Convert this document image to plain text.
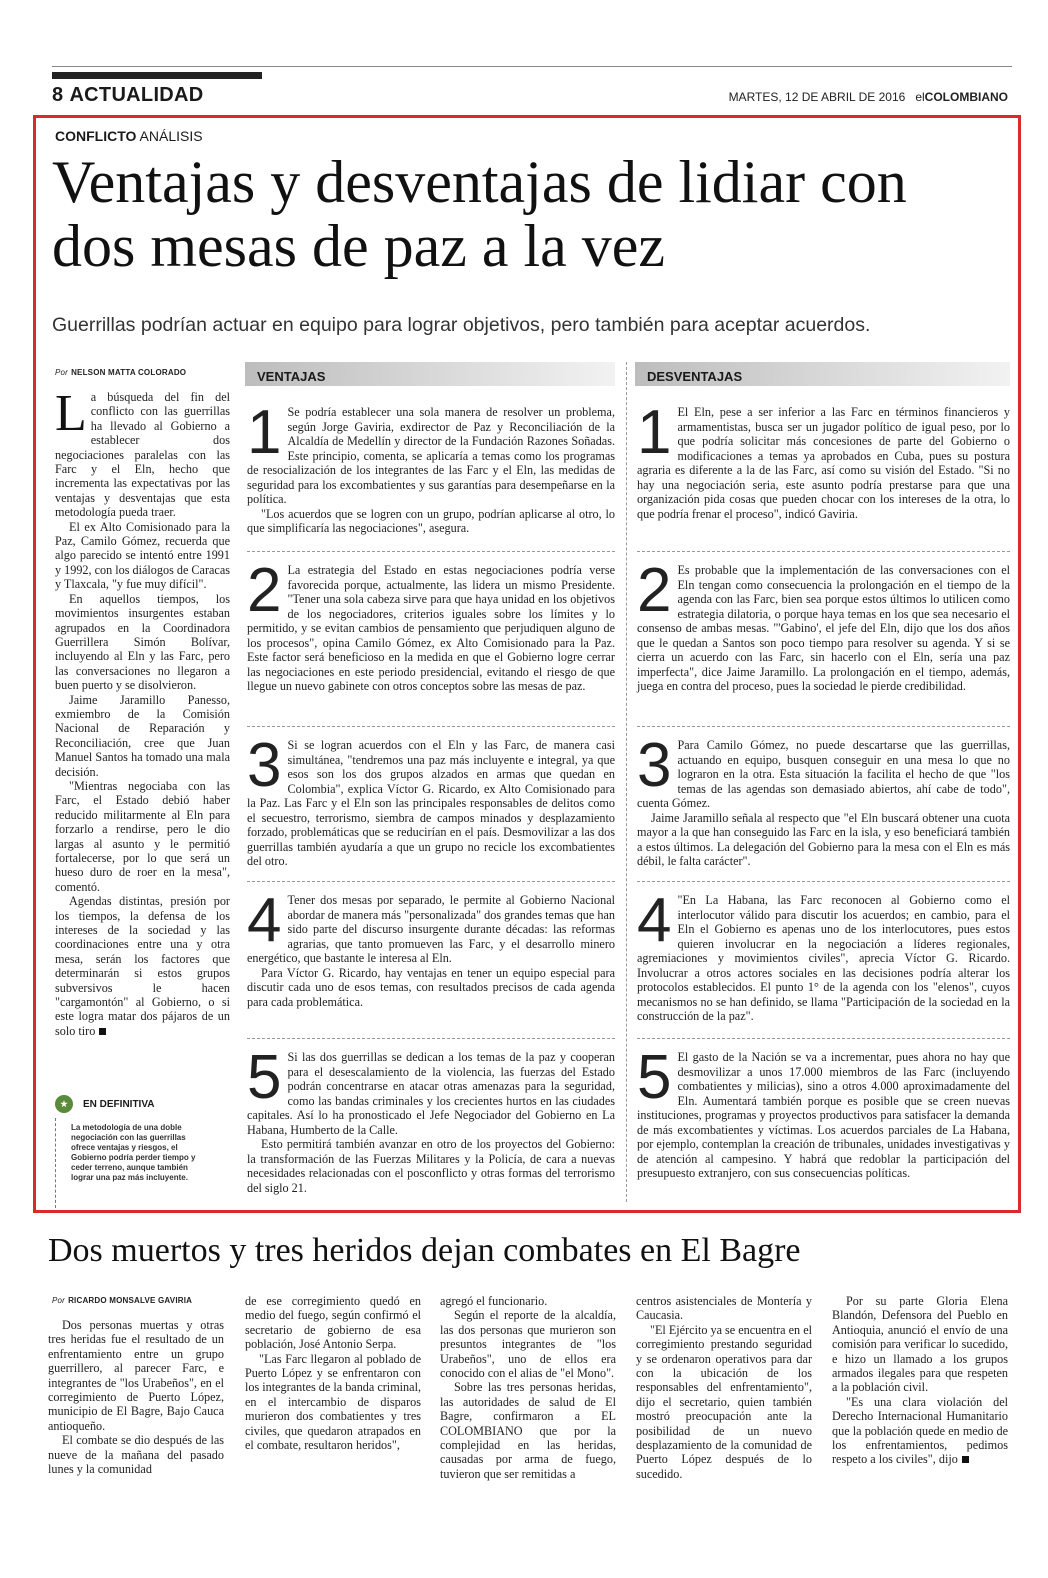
8 ACTUALIDAD	MARTES, 12 DE ABRIL DE 2016 elCOLOMBIANO
CONFLICTO ANÁLISIS
Ventajas y desventajas de lidiar con dos mesas de paz a la vez
Guerrillas podrían actuar en equipo para lograr objetivos, pero también para aceptar acuerdos.
Por NELSON MATTA COLORADO
L a búsqueda del fin del conflicto con las guerrillas ha llevado al Gobierno a establecer dos negociaciones paralelas con las Farc y el Eln, hecho que incrementa las expectativas por las ventajas y desventajas que esta metodología pueda traer.

El ex Alto Comisionado para la Paz, Camilo Gómez, recuerda que algo parecido se intentó entre 1991 y 1992, con los diálogos de Caracas y Tlaxcala, "y fue muy difícil".

En aquellos tiempos, los movimientos insurgentes estaban agrupados en la Coordinadora Guerrillera Simón Bolívar, incluyendo al Eln y las Farc, pero las conversaciones no llegaron a buen puerto y se disolvieron.

Jaime Jaramillo Panesso, exmiembro de la Comisión Nacional de Reparación y Reconciliación, cree que Juan Manuel Santos ha tomado una mala decisión.

"Mientras negociaba con las Farc, el Estado debió haber reducido militarmente al Eln para forzarlo a rendirse, pero le dio largas al asunto y le permitió fortalecerse, por lo que será un hueso duro de roer en la mesa", comentó.

Agendas distintas, presión por los tiempos, la defensa de los intereses de la sociedad y las coordinaciones entre una y otra mesa, serán los factores que determinarán si estos grupos subversivos le hacen "cargamontón" al Gobierno, o si este logra matar dos pájaros de un solo tiro

EN DEFINITIVA
La metodología de una doble negociación con las guerrillas ofrece ventajas y riesgos, el Gobierno podría perder tiempo y ceder terreno, aunque también lograr una paz más incluyente.
VENTAJAS	DESVENTAJAS
1 Se podría establecer una sola manera de resolver un problema, según Jorge Gaviria, exdirector de Paz y Reconciliación de la Alcaldía de Medellín y director de la Fundación Razones Soñadas. Este principio, comenta, se aplicaría a temas como los programas de resocialización de los integrantes de las Farc y el Eln, las medidas de seguridad para los excombatientes y sus garantías para desempeñarse en la política.
"Los acuerdos que se logren con un grupo, podrían aplicarse al otro, lo que simplificaría las negociaciones", asegura.
2 La estrategia del Estado en estas negociaciones podría verse favorecida porque, actualmente, las lidera un mismo Presidente. "Tener una sola cabeza sirve para que haya unidad en los objetivos de los negociadores, criterios iguales sobre los límites y lo permitido, y se evitan cambios de pensamiento que perjudiquen alguno de los procesos", opina Camilo Gómez, ex Alto Comisionado para la Paz. Este factor será beneficioso en la medida en que el Gobierno logre cerrar las negociaciones en este periodo presidencial, evitando el riesgo de que llegue un nuevo gabinete con otros conceptos sobre las mesas de paz.
3 Si se logran acuerdos con el Eln y las Farc, de manera casi simultánea, "tendremos una paz más incluyente e integral, ya que esos son los dos grupos alzados en armas que quedan en Colombia", explica Víctor G. Ricardo, ex Alto Comisionado para la Paz. Las Farc y el Eln son las principales responsables de delitos como el secuestro, terrorismo, siembra de campos minados y desplazamiento forzado, problemáticas que se reducirían en el país. Desmovilizar a las dos guerrillas también ayudaría a que un grupo no recicle los excombatientes del otro.
4 Tener dos mesas por separado, le permite al Gobierno Nacional abordar de manera más "personalizada" dos grandes temas que han sido parte del discurso insurgente durante décadas: las reformas agrarias, que tanto promueven las Farc, y el desarrollo minero energético, que bastante le interesa al Eln.
Para Víctor G. Ricardo, hay ventajas en tener un equipo especial para discutir cada uno de esos temas, con resultados precisos de cada agenda para cada problemática.
5 Si las dos guerrillas se dedican a los temas de la paz y cooperan para el desescalamiento de la violencia, las fuerzas del Estado podrán concentrarse en atacar otras amenazas para la seguridad, como las bandas criminales y los crecientes hurtos en las ciudades capitales. Así lo ha pronosticado el Jefe Negociador del Gobierno en La Habana, Humberto de la Calle.
Esto permitirá también avanzar en otro de los proyectos del Gobierno: la transformación de las Fuerzas Militares y la Policía, de cara a nuevas necesidades relacionadas con el posconflicto y otras formas del terrorismo del siglo 21.
1 El Eln, pese a ser inferior a las Farc en términos financieros y armamentistas, busca ser un jugador político de igual peso, por lo que podría solicitar más concesiones de parte del Gobierno o modificaciones a temas ya aprobados en Cuba, pues su postura agraria es diferente a la de las Farc, así como su visión del Estado. "Si no hay una negociación seria, este asunto podría prestarse para que una organización pida cosas que pueden chocar con los intereses de la otra, lo que podría frenar el proceso", indicó Gaviria.
2 Es probable que la implementación de las conversaciones con el Eln tengan como consecuencia la prolongación en el tiempo de la agenda con las Farc, bien sea porque estos últimos lo utilicen como estrategia dilatoria, o porque haya temas en los que sea necesario el consenso de ambas mesas. "'Gabino', el jefe del Eln, dijo que los dos años que le quedan a Santos son poco tiempo para resolver su agenda. Y si se cierra un acuerdo con las Farc, sin hacerlo con el Eln, sería una paz imperfecta", dice Jaime Jaramillo. La prolongación en el tiempo, además, juega en contra del proceso, pues la sociedad le pierde credibilidad.
3 Para Camilo Gómez, no puede descartarse que las guerrillas, actuando en equipo, busquen conseguir en una mesa lo que no lograron en la otra. Esta situación la facilita el hecho de que "los temas de las agendas son demasiado abiertos, ahí cabe de todo", cuenta Gómez.
Jaime Jaramillo señala al respecto que "el Eln buscará obtener una cuota mayor a la que han conseguido las Farc en la isla, y eso beneficiará también a estos últimos. La delegación del Gobierno para la mesa con el Eln es más débil, le falta carácter".
4 "En La Habana, las Farc reconocen al Gobierno como el interlocutor válido para discutir los acuerdos; en cambio, para el Eln el Gobierno es apenas uno de los interlocutores, pues estos quieren involucrar en la negociación a líderes regionales, agremiaciones y movimientos civiles", aprecia Víctor G. Ricardo. Involucrar a otros actores sociales en las decisiones podría alterar los protocolos establecidos. El punto 1° de la agenda con los "elenos", cuyos mecanismos no se han definido, se llama "Participación de la sociedad en la construcción de la paz".
5 El gasto de la Nación se va a incrementar, pues ahora no hay que desmovilizar a unos 17.000 miembros de las Farc (incluyendo combatientes y milicias), sino a otros 4.000 aproximadamente del Eln. Aumentará también porque es posible que se creen nuevas instituciones, programas y proyectos productivos para satisfacer la demanda de más excombatientes y víctimas. Los acuerdos parciales de La Habana, por ejemplo, contemplan la creación de tribunales, unidades investigativas y de atención al campesino. Y habrá que redoblar la participación del presupuesto extranjero, con sus consecuencias políticas.
Dos muertos y tres heridos dejan combates en El Bagre
Por RICARDO MONSALVE GAVIRIA

Dos personas muertas y otras tres heridas fue el resultado de un enfrentamiento entre un grupo guerrillero, al parecer Farc, e integrantes de "los Urabeños", en el corregimiento de Puerto López, municipio de El Bagre, Bajo Cauca antioqueño.

El combate se dio después de las nueve de la mañana del pasado lunes y la comunidad

de ese corregimiento quedó en medio del fuego, según confirmó el secretario de gobierno de esa población, José Antonio Serpa.

"Las Farc llegaron al poblado de Puerto López y se enfrentaron con los integrantes de la banda criminal, en el intercambio de disparos murieron dos combatientes y tres civiles, que quedaron atrapados en el combate, resultaron heridos",

agregó el funcionario.

Según el reporte de la alcaldía, las dos personas que murieron son presuntos integrantes de "los Urabeños", uno de ellos era conocido con el alias de "el Mono".

Sobre las tres personas heridas, las autoridades de salud de El Bagre, confirmaron a EL COLOMBIANO que por la complejidad en las heridas, causadas por arma de fuego, tuvieron que ser remitidas a

centros asistenciales de Montería y Caucasia.

"El Ejército ya se encuentra en el corregimiento prestando seguridad y se ordenaron operativos para dar con la ubicación de los responsables del enfrentamiento", dijo el secretario, quien también mostró preocupación ante la posibilidad de un nuevo desplazamiento de la comunidad de Puerto López después de lo sucedido.

Por su parte Gloria Elena Blandón, Defensora del Pueblo en Antioquia, anunció el envío de una comisión para verificar lo sucedido, e hizo un llamado a los grupos armados ilegales para que respeten a la población civil.

"Es una clara violación del Derecho Internacional Humanitario que la población quede en medio de los enfrentamientos, pedimos respeto a los civiles", dijo
